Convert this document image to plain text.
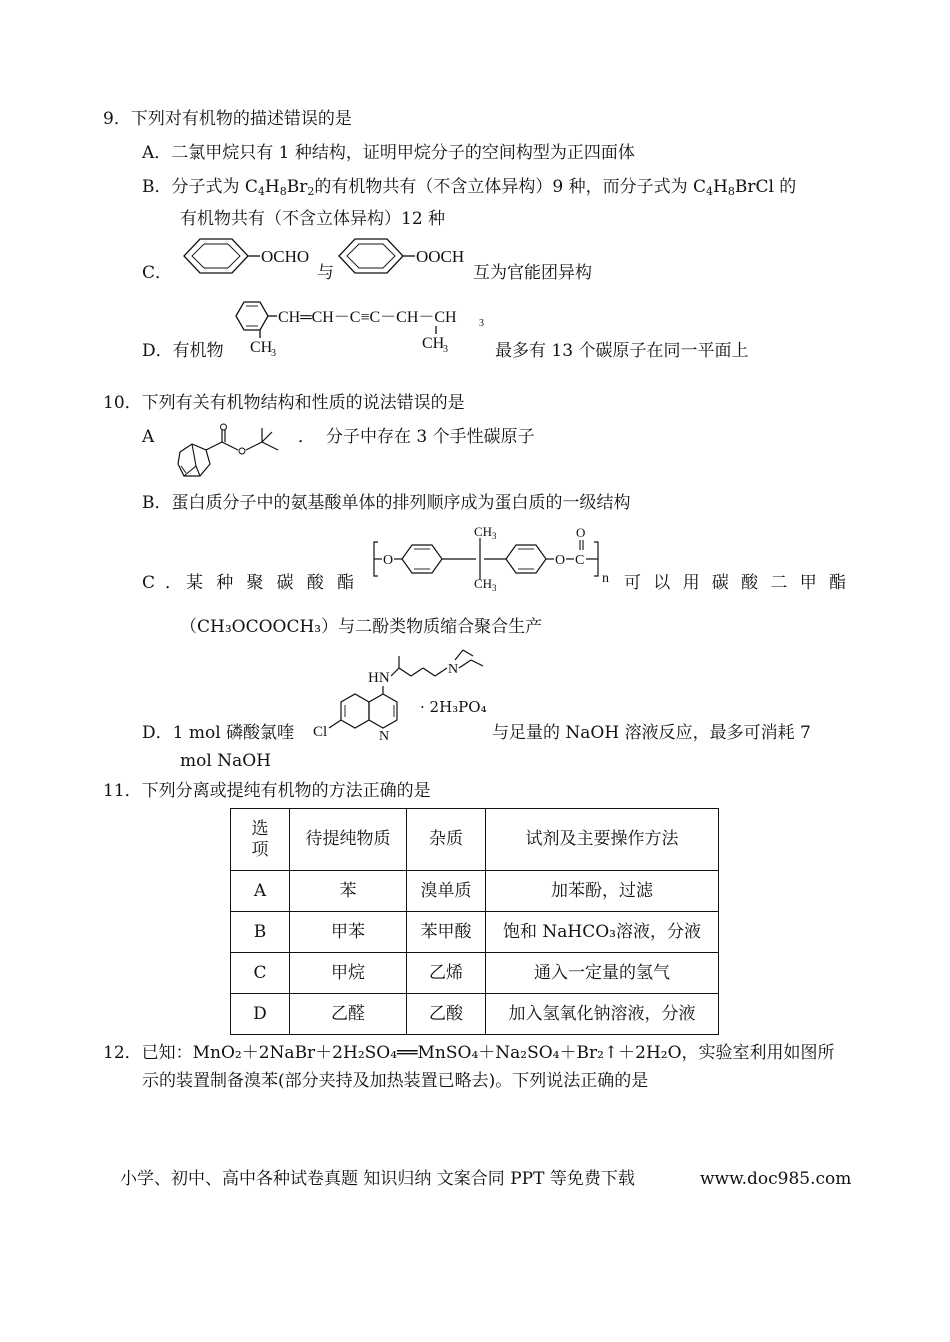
9．下列对有机物的描述错误的是
A．二氯甲烷只有 1 种结构，证明甲烷分子的空间构型为正四面体
B．分子式为 $C_4H_8Br_2$的有机物共有（不含立体异构）9 种，而分子式为 $C_4H_8BrCl$ 的
有机物共有（不含立体异构）12 种
C．
OCHO
与
OOCH
互为官能团异构
D．有机物
CH═CH－C≡C－CH－CH 3
CH
3
CH
3	最多有 13 个碳原子在同一平面上
10．下列有关有机物结构和性质的说法错误的是
A	． 分子中存在 3 个手性碳原子
B．蛋白质分子中的氨基酸单体的排列顺序成为蛋白质的一级结构
C ． 某 种 聚 碳 酸 酯
O
CH 3
CH 3
O C
O
n 可 以 用 碳 酸 二 甲 酯
（CH₃OCOOCH₃）与二酚类物质缩合聚合生产
D．1 mol 磷酸氯喹
HN
N
N
Cl
· 2H₃PO₄
与足量的 NaOH 溶液反应，最多可消耗 7
mol NaOH
11．下列分离或提纯有机物的方法正确的是
选
项	待提纯物质	杂质	试剂及主要操作方法
A	苯	溴单质	加苯酚，过滤
B	甲苯	苯甲酸	饱和 NaHCO₃溶液，分液
C	甲烷	乙烯	通入一定量的氢气
D	乙醛	乙酸	加入氢氧化钠溶液，分液
12．已知：MnO₂＋2NaBr＋2H₂SO₄══MnSO₄＋Na₂SO₄＋Br₂↑＋2H₂O，实验室利用如图所
示的装置制备溴苯(部分夹持及加热装置已略去)。下列说法正确的是
小学、初中、高中各种试卷真题 知识归纳 文案合同 PPT 等免费下载	www.doc985.com
